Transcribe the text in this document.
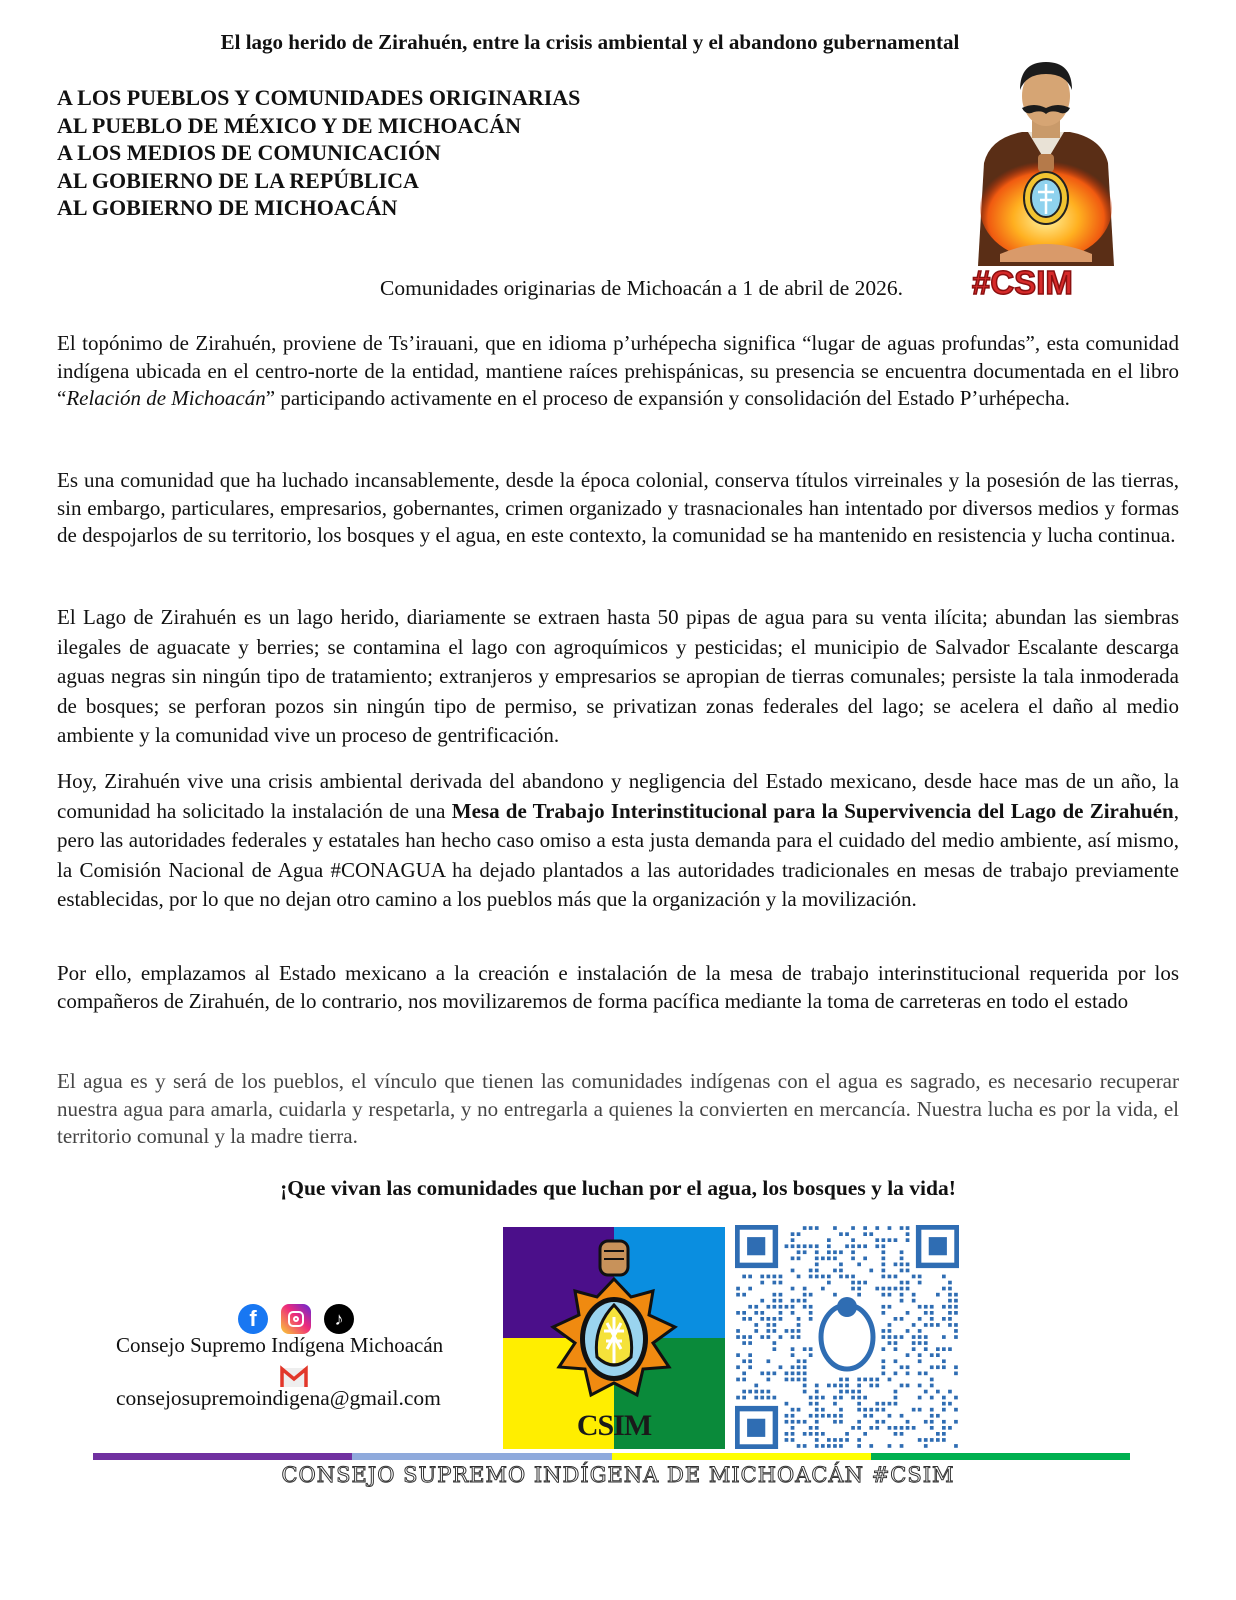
El lago herido de Zirahuén, entre la crisis ambiental y el abandono gubernamental
A LOS PUEBLOS Y COMUNIDADES ORIGINARIAS
AL PUEBLO DE MÉXICO Y DE MICHOACÁN
A LOS MEDIOS DE COMUNICACIÓN
AL GOBIERNO DE LA REPÚBLICA
AL GOBIERNO DE MICHOACÁN
#CSIM
Comunidades originarias de Michoacán a 1 de abril de 2026.
El topónimo de Zirahuén, proviene de Ts’irauani, que en idioma p’urhépecha significa “lugar de aguas profundas”, esta comunidad indígena ubicada en el centro-norte de la entidad, mantiene raíces prehispánicas, su presencia se encuentra documentada en el libro “Relación de Michoacán” participando activamente en el proceso de expansión y consolidación del Estado P’urhépecha.
Es una comunidad que ha luchado incansablemente, desde la época colonial, conserva títulos virreinales y la posesión de las tierras, sin embargo, particulares, empresarios, gobernantes, crimen organizado y trasnacionales han intentado por diversos medios y formas de despojarlos de su territorio, los bosques y el agua, en este contexto, la comunidad se ha mantenido en resistencia y lucha continua.
El Lago de Zirahuén es un lago herido, diariamente se extraen hasta 50 pipas de agua para su venta ilícita; abundan las siembras ilegales de aguacate y berries; se contamina el lago con agroquímicos y pesticidas; el municipio de Salvador Escalante descarga aguas negras sin ningún tipo de tratamiento; extranjeros y empresarios se apropian de tierras comunales; persiste la tala inmoderada de bosques; se perforan pozos sin ningún tipo de permiso, se privatizan zonas federales del lago; se acelera el daño al medio ambiente y la comunidad vive un proceso de gentrificación.
Hoy, Zirahuén vive una crisis ambiental derivada del abandono y negligencia del Estado mexicano, desde hace mas de un año, la comunidad ha solicitado la instalación de una Mesa de Trabajo Interinstitucional para la Supervivencia del Lago de Zirahuén, pero las autoridades federales y estatales han hecho caso omiso a esta justa demanda para el cuidado del medio ambiente, así mismo, la Comisión Nacional de Agua #CONAGUA ha dejado plantados a las autoridades tradicionales en mesas de trabajo previamente establecidas, por lo que no dejan otro camino a los pueblos más que la organización y la movilización.
Por ello, emplazamos al Estado mexicano a la creación e instalación de la mesa de trabajo interinstitucional requerida por los compañeros de Zirahuén, de lo contrario, nos movilizaremos de forma pacífica mediante la toma de carreteras en todo el estado
El agua es y será de los pueblos, el vínculo que tienen las comunidades indígenas con el agua es sagrado, es necesario recuperar nuestra agua para amarla, cuidarla y respetarla, y no entregarla a quienes la convierten en mercancía. Nuestra lucha es por la vida, el territorio comunal y la madre tierra.
¡Que vivan las comunidades que luchan por el agua, los bosques y la vida!
f	♪
Consejo Supremo Indígena Michoacán
consejosupremoindigena@gmail.com
CSIM
CONSEJO SUPREMO INDÍGENA DE MICHOACÁN #CSIM
